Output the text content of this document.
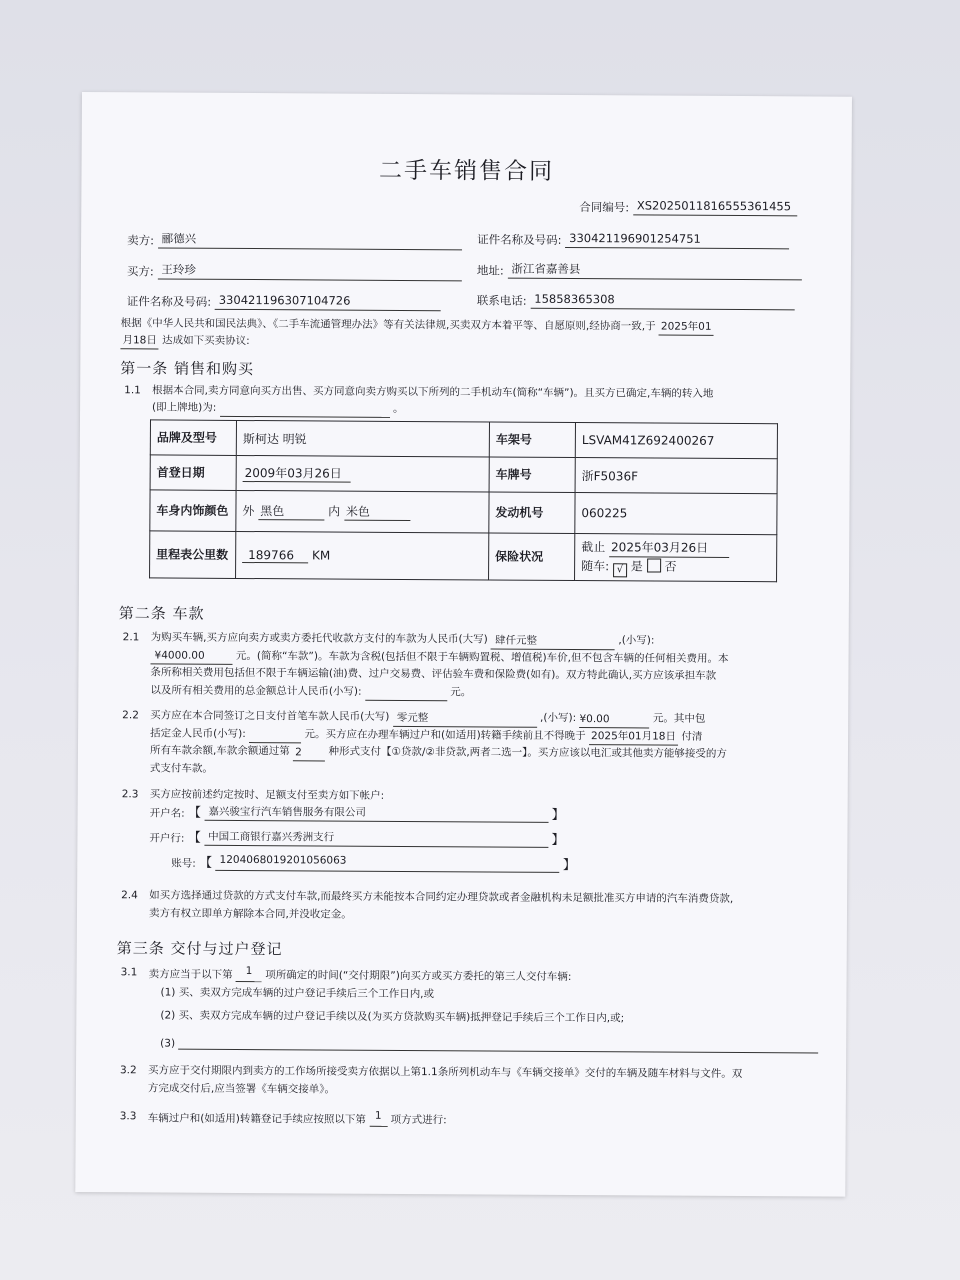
二手车销售合同
合同编号: XS20250118165553614​55
卖方: 郦德兴	证件名称及号码: 330421196901254751
买方: 王玲珍	地址: 浙江省嘉善县
证件名称及号码: 330421196307104726	联系电话: 15858365308
根据《中华人民共和国民法典》、《二手车流通管理办法》等有关法律规,买卖双方本着平等、自愿原则,经协商一致,于 2025年01
月18日 达成如下买卖协议:
第一条 销售和购买
1.1 根据本合同,卖方同意向买方出售、买方同意向卖方购买以下所列的二手机动车(简称“车辆”)。且买方已确定,车辆的转入地
(即上牌地)为:	。
品牌及型号	斯柯达 明锐	车架号	LSVAM41Z692400267
首登日期	2009年03月26日	车牌号	浙F5036F
车身内饰颜色	外 黑色 内 米色	发动机号	060225
里程表公里数	189766 KM	保险状况	截止 2025年03月26日
随车: √ 是 否
第二条 车款
2.1 为购买车辆,买方应向卖方或卖方委托代收款方支付的车款为人民币(大写) 肆仟元整	,(小写):
¥4000.00	元。(简称“车款”)。车款为含税(包括但不限于车辆购置税、增值税)车价,但不包含车辆的任何相关费用。本
条所称相关费用包括但不限于车辆运输(油)费、过户交易费、评估验车费和保险费(如有)。双方特此确认,买方应该承担车款
以及所有相关费用的总金额总计人民币(小写):	元。
2.2 买方应在本合同签订之日支付首笔车款人民币(大写) 零元整	,(小写): ¥0.00	元。其中包
括定金人民币(小写):	元。买方应在办理车辆过户和(如适用)转籍手续前且不得晚于 2025年01月18日 付清
所有车款余额,车款余额通过第 2	种形式支付【①贷款/②非贷款,两者二选一】。买方应该以电汇或其他卖方能够接受的方
式支付车款。
2.3 买方应按前述约定按时、足额支付至卖方如下帐户:
开户名: 【 嘉兴骏宝行汽车销售服务有限公司	】
开户行: 【 中国工商银行嘉兴秀洲支行	】
账号: 【 1204068019201056063	】
2.4 如买方选择通过贷款的方式支付车款,而最终买方未能按本合同约定办理贷款或者金融机构未足额批准买方申请的汽车消费贷款,
卖方有权立即单方解除本合同,并没收定金。
第三条 交付与过户登记
3.1 卖方应当于以下第 1 项所确定的时间(“交付期限”)向买方或买方委托的第三人交付车辆:
(1) 买、卖双方完成车辆的过户登记手续后三个工作日内,或
(2) 买、卖双方完成车辆的过户登记手续以及(为买方贷款购买车辆)抵押登记手续后三个工作日内,或;
(3)
3.2 买方应于交付期限内到卖方的工作场所接受卖方依据以上第1.1条所列机动车与《车辆交接单》交付的车辆及随车材料与文件。双
方完成交付后,应当签署《车辆交接单》。
3.3 车辆过户和(如适用)转籍登记手续应按照以下第 1 项方式进行:
